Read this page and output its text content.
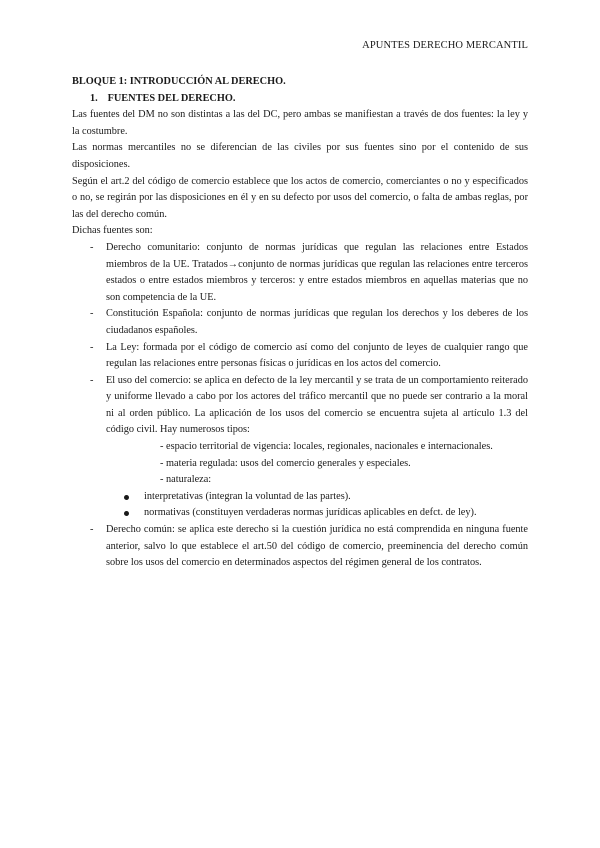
APUNTES DERECHO MERCANTIL
BLOQUE 1: INTRODUCCIÓN AL DERECHO.
1. FUENTES DEL DERECHO.

Las fuentes del DM no son distintas a las del DC, pero ambas se manifiestan a través de dos fuentes: la ley y la costumbre.

Las normas mercantiles no se diferencian de las civiles por sus fuentes sino por el contenido de sus disposiciones.

Según el art.2 del código de comercio establece que los actos de comercio, comerciantes o no y especificados o no, se regirán por las disposiciones en él y en su defecto por usos del comercio, o falta de ambas reglas, por las del derecho común.

Dichas fuentes son:

- Derecho comunitario: conjunto de normas jurídicas que regulan las relaciones entre Estados miembros de la UE. Tratados→conjunto de normas jurídicas que regulan las relaciones entre terceros estados o entre estados miembros y terceros: y entre estados miembros en aquellas materias que no son competencia de la UE.
- Constitución Española: conjunto de normas jurídicas que regulan los derechos y los deberes de los ciudadanos españoles.
- La Ley: formada por el código de comercio así como del conjunto de leyes de cualquier rango que regulan las relaciones entre personas físicas o jurídicas en los actos del comercio.
- El uso del comercio: se aplica en defecto de la ley mercantil y se trata de un comportamiento reiterado y uniforme llevado a cabo por los actores del tráfico mercantil que no puede ser contrario a la moral ni al orden público. La aplicación de los usos del comercio se encuentra sujeta al artículo 1.3 del código civil. Hay numerosos tipos:
- espacio territorial de vigencia: locales, regionales, nacionales e internacionales.
- materia regulada: usos del comercio generales y especiales.
- naturaleza:
interpretativas (integran la voluntad de las partes).
normativas (constituyen verdaderas normas jurídicas aplicables en defct. de ley).
- Derecho común: se aplica este derecho si la cuestión jurídica no está comprendida en ninguna fuente anterior, salvo lo que establece el art.50 del código de comercio, preeminencia del derecho común sobre los usos del comercio en determinados aspectos del régimen general de los contratos.
